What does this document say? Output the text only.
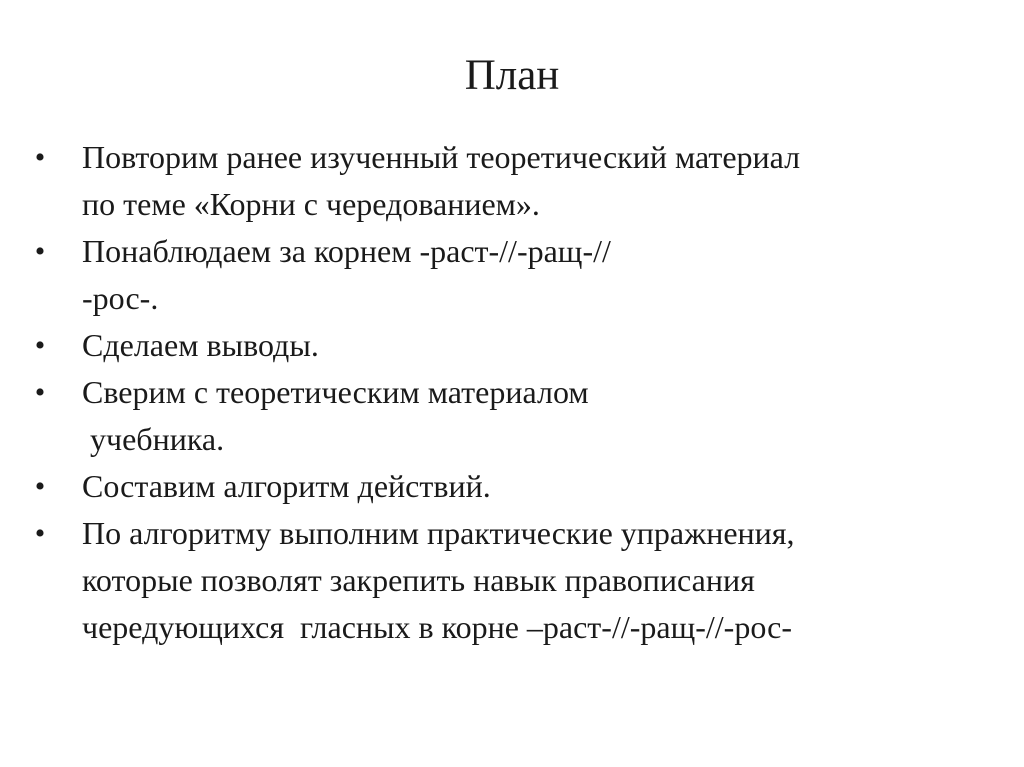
План
• Повторим ранее изученный теоретический материал
по теме «Корни с чередованием».
• Понаблюдаем за корнем -раст-//-ращ-//
-рос-.
• Сделаем выводы.
• Сверим с теоретическим материалом
учебника.
• Составим алгоритм действий.
• По алгоритму выполним практические упражнения,
которые позволят закрепить навык правописания
чередующихся  гласных в корне –раст-//-ращ-//-рос-
